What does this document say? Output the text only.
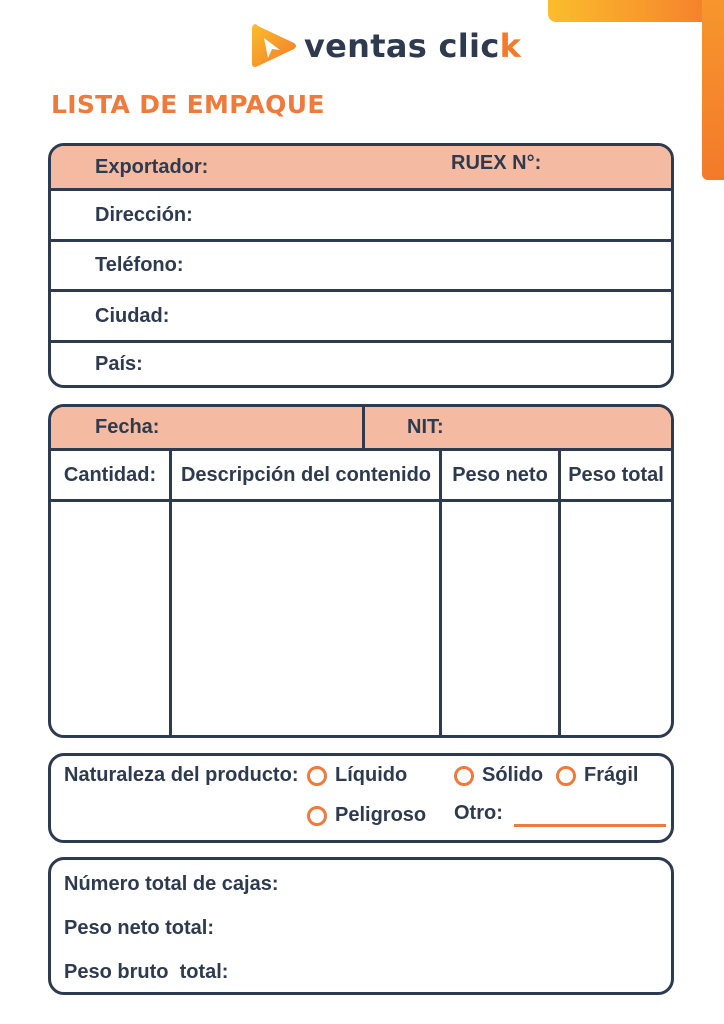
ventas click
LISTA DE EMPAQUE
Exportador:	RUEX N°:
Dirección:
Teléfono:
Ciudad:
País:
Fecha:	NIT:
Cantidad:	Descripción del contenido	Peso neto	Peso total
Naturaleza del producto:	Líquido	Sólido	Frágil
Peligroso Otro:
Número total de cajas:
Peso neto total:
Peso bruto  total:
